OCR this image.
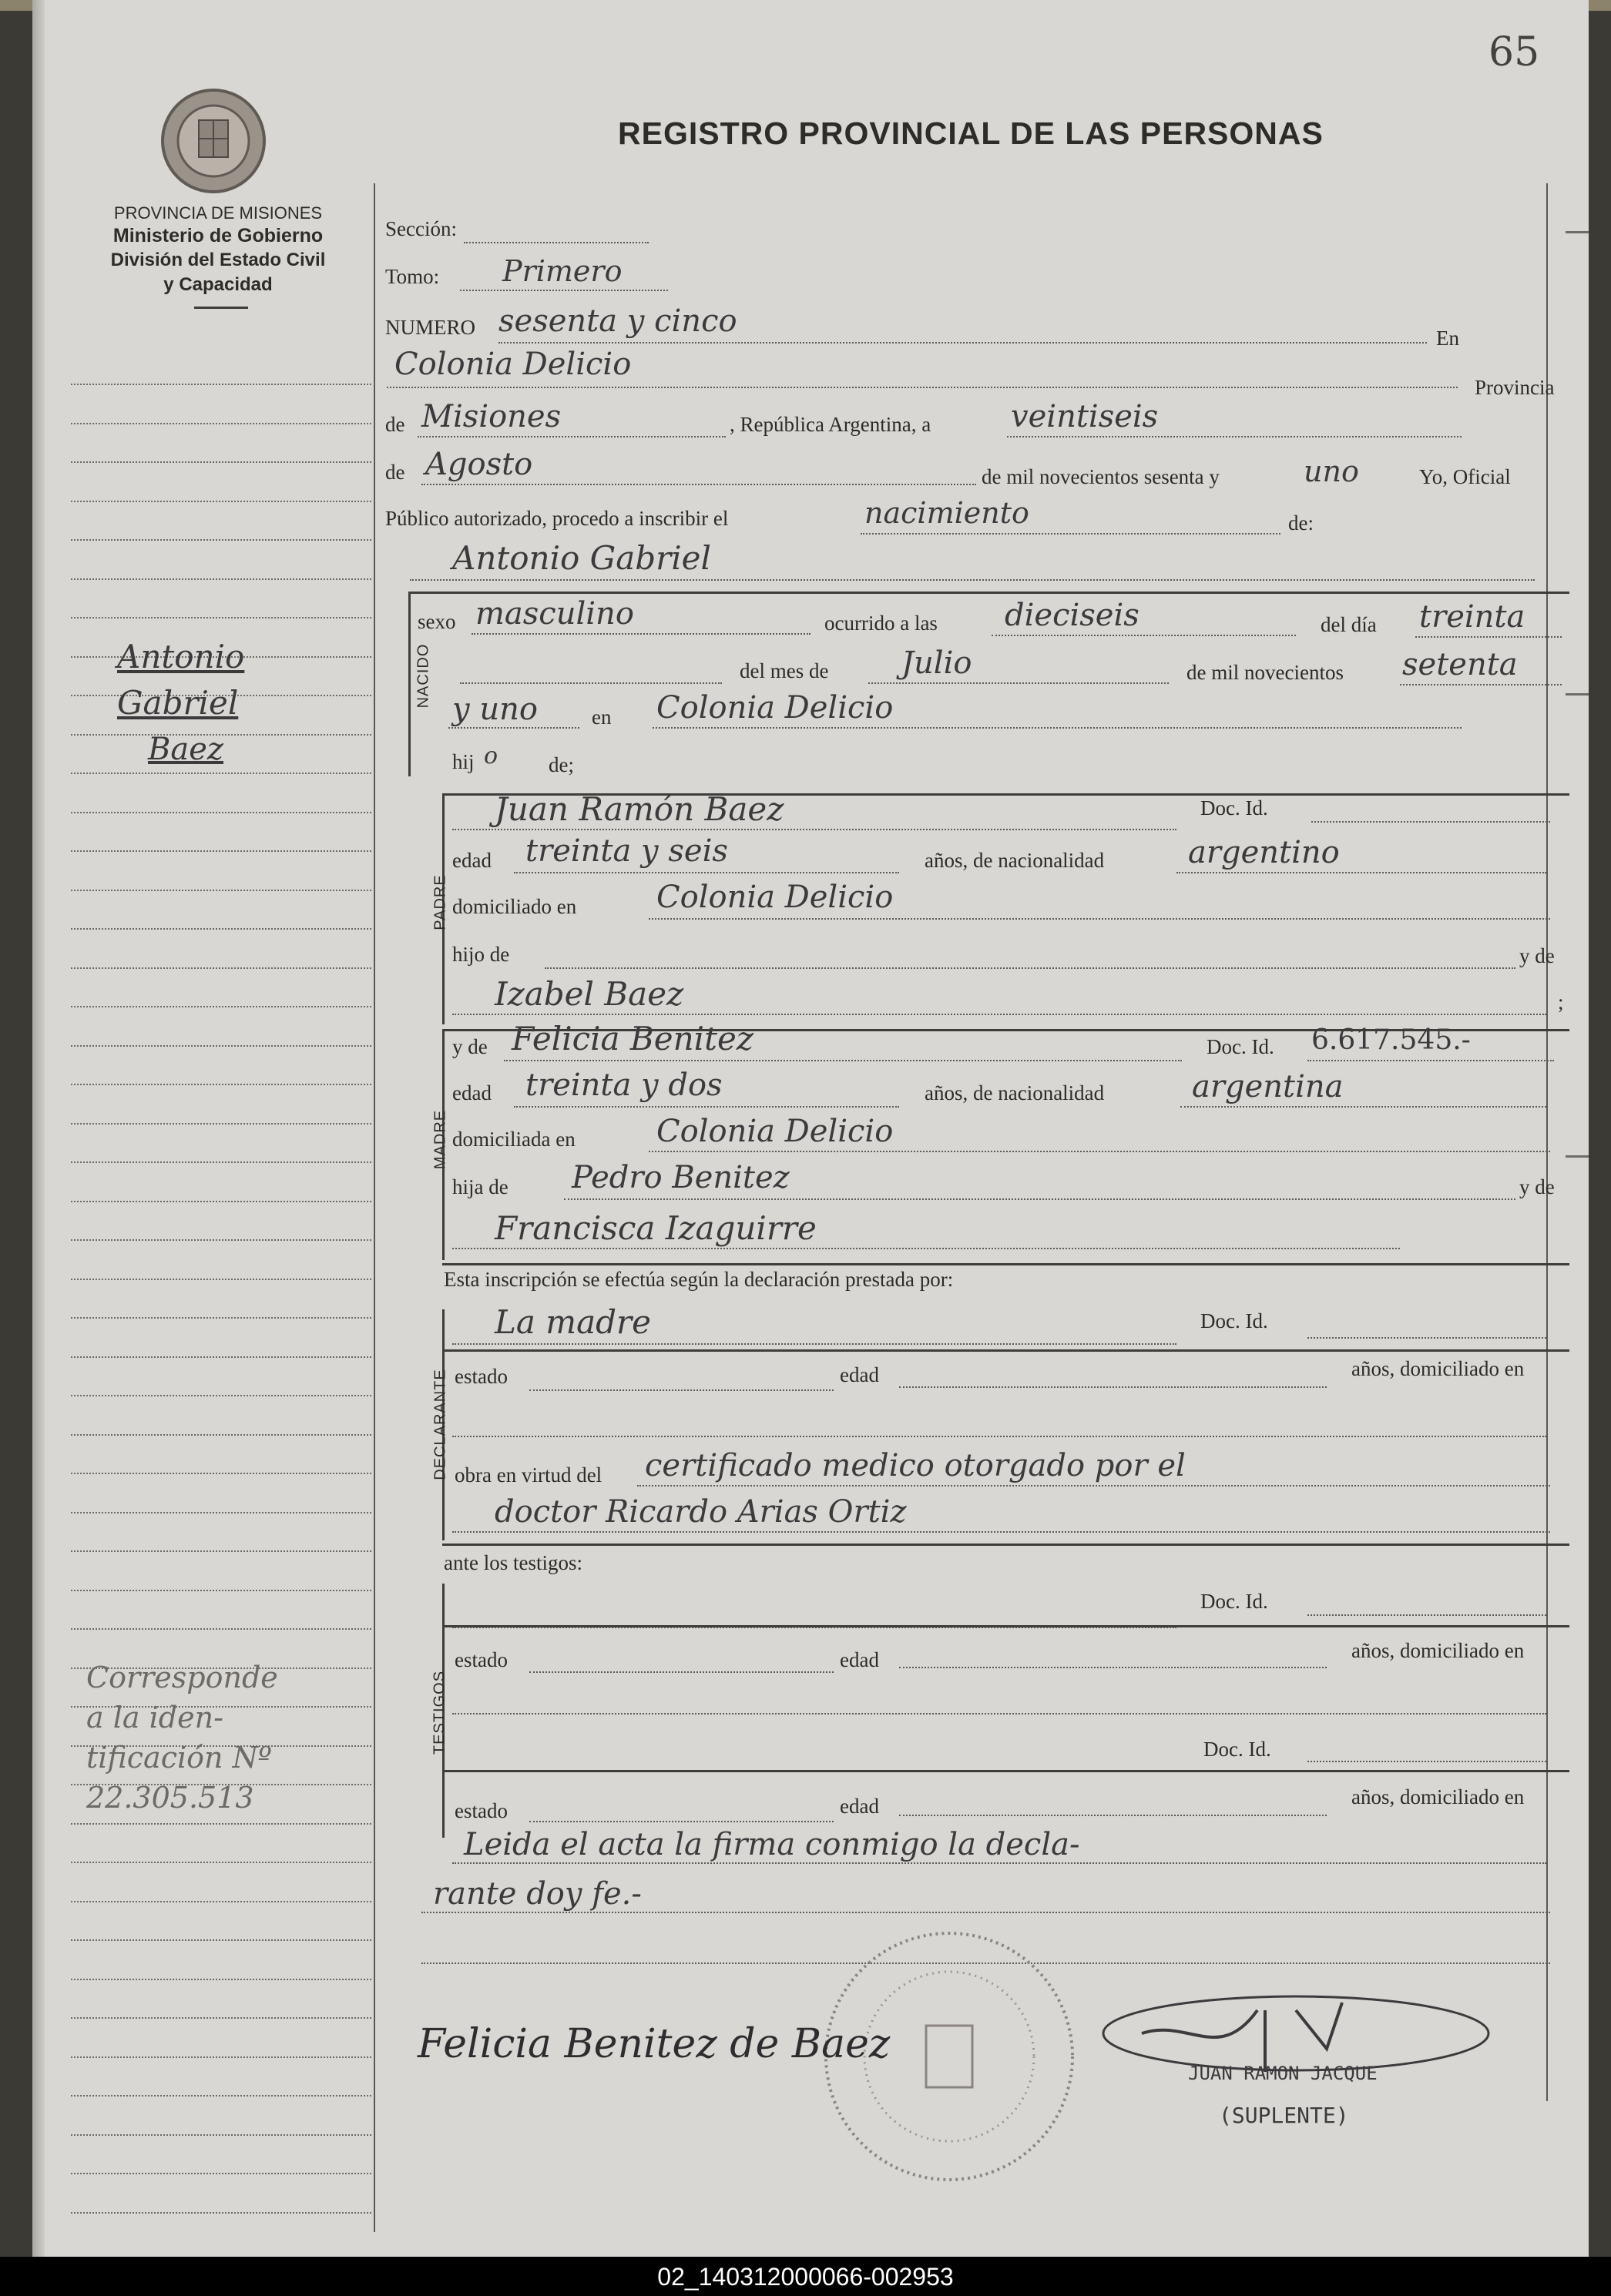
65
PROVINCIA DE MISIONES
Ministerio de Gobierno
División del Estado Civil
y Capacidad
REGISTRO PROVINCIAL DE LAS PERSONAS
Antonio
Gabriel
Baez
Corresponde
a la iden-
tificación Nº
22.305.513
Sección:
Tomo: Primero
NUMERO sesenta y cinco	En
Colonia Delicio
Provincia
de Misiones	, República Argentina, a	veintiseis
de Agosto	de mil novecientos sesenta y	uno	Yo, Oficial
Público autorizado, procedo a inscribir el	nacimiento	de:
Antonio Gabriel
NACIDO
sexo masculino	ocurrido a las dieciseis	del día treinta
del mes de Julio	de mil novecientos setenta
y uno	en Colonia Delicio
hij o de;
PADRE
Juan Ramón Baez	Doc. Id.
edad treinta y seis	años, de nacionalidad	argentino
domiciliado en	Colonia Delicio
hijo de	y de
Izabel Baez	;
MADRE
y de Felicia Benitez	Doc. Id. 6.617.545.-
edad treinta y dos	años, de nacionalidad	argentina
domiciliada en	Colonia Delicio
hija de Pedro Benitez	y de
Francisca Izaguirre
Esta inscripción se efectúa según la declaración prestada por:
DECLARANTE
La madre	Doc. Id.
estado	edad	años, domiciliado en
obra en virtud del certificado medico otorgado por el
doctor Ricardo Arias Ortiz
ante los testigos:
TESTIGOS
Doc. Id.
estado	edad	años, domiciliado en
Doc. Id.
estado	edad	años, domiciliado en
Leida el acta la firma conmigo la decla-
rante doy fe.-
Felicia Benitez de Baez
JUAN RAMON JACQUE
(SUPLENTE)
02_140312000066-002953
